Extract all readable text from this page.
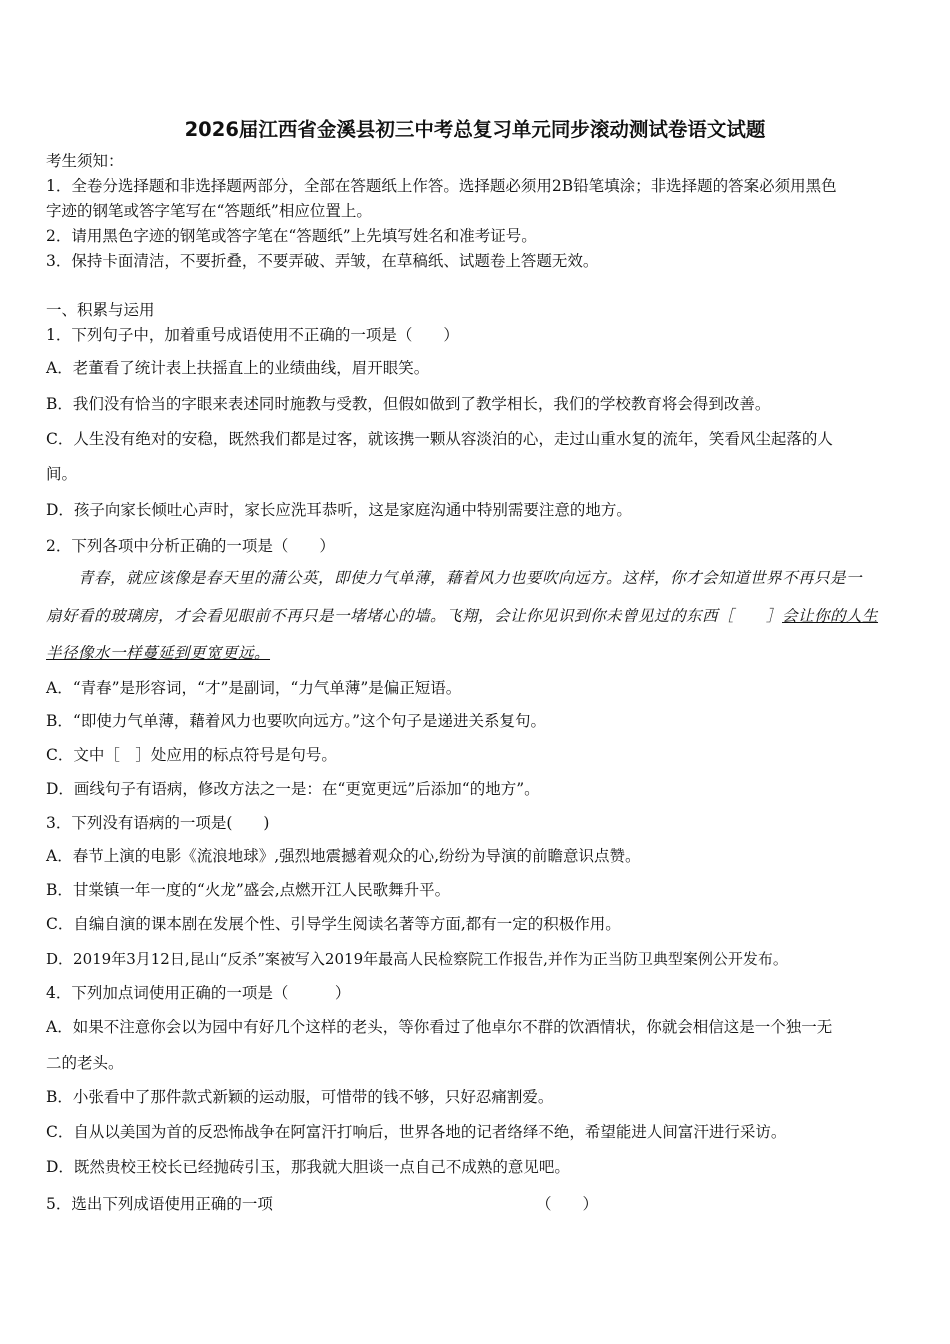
2026届江西省金溪县初三中考总复习单元同步滚动测试卷语文试题
考生须知：
1．全卷分选择题和非选择题两部分，全部在答题纸上作答。选择题必须用2B铅笔填涂；非选择题的答案必须用黑色
字迹的钢笔或答字笔写在“答题纸”相应位置上。
2．请用黑色字迹的钢笔或答字笔在“答题纸”上先填写姓名和准考证号。
3．保持卡面清洁，不要折叠，不要弄破、弄皱，在草稿纸、试题卷上答题无效。
一、积累与运用
1．下列句子中，加着重号成语使用不正确的一项是（　　）
A．老董看了统计表上扶摇直上的业绩曲线，眉开眼笑。
B．我们没有恰当的字眼来表述同时施教与受教，但假如做到了教学相长，我们的学校教育将会得到改善。
C．人生没有绝对的安稳，既然我们都是过客，就该携一颗从容淡泊的心，走过山重水复的流年，笑看风尘起落的人
间。
D．孩子向家长倾吐心声时，家长应洗耳恭听，这是家庭沟通中特别需要注意的地方。
2．下列各项中分析正确的一项是（　　）
青春，就应该像是春天里的蒲公英，即使力气单薄，藉着风力也要吹向远方。这样，你才会知道世界不再只是一
扇好看的玻璃房，才会看见眼前不再只是一堵堵心的墙。飞翔，会让你见识到你未曾见过的东西［　　］会让你的人生
半径像水一样蔓延到更宽更远。
A．“青春”是形容词，“才”是副词，“力气单薄”是偏正短语。
B．“即使力气单薄，藉着风力也要吹向远方。”这个句子是递进关系复句。
C．文中［　］处应用的标点符号是句号。
D．画线句子有语病，修改方法之一是：在“更宽更远”后添加“的地方”。
3．下列没有语病的一项是(　　)
A．春节上演的电影《流浪地球》,强烈地震撼着观众的心,纷纷为导演的前瞻意识点赞。
B．甘棠镇一年一度的“火龙”盛会,点燃开江人民歌舞升平。
C．自编自演的课本剧在发展个性、引导学生阅读名著等方面,都有一定的积极作用。
D．2019年3月12日,昆山“反杀”案被写入2019年最高人民检察院工作报告,并作为正当防卫典型案例公开发布。
4．下列加点词使用正确的一项是（　　　）
A．如果不注意你会以为园中有好几个这样的老头，等你看过了他卓尔不群的饮酒情状，你就会相信这是一个独一无
二的老头。
B．小张看中了那件款式新颖的运动服，可惜带的钱不够，只好忍痛割爱。
C．自从以美国为首的反恐怖战争在阿富汗打响后，世界各地的记者络绎不绝，希望能进人间富汗进行采访。
D．既然贵校王校长已经抛砖引玉，那我就大胆谈一点自己不成熟的意见吧。
5．选出下列成语使用正确的一项	（　　）
